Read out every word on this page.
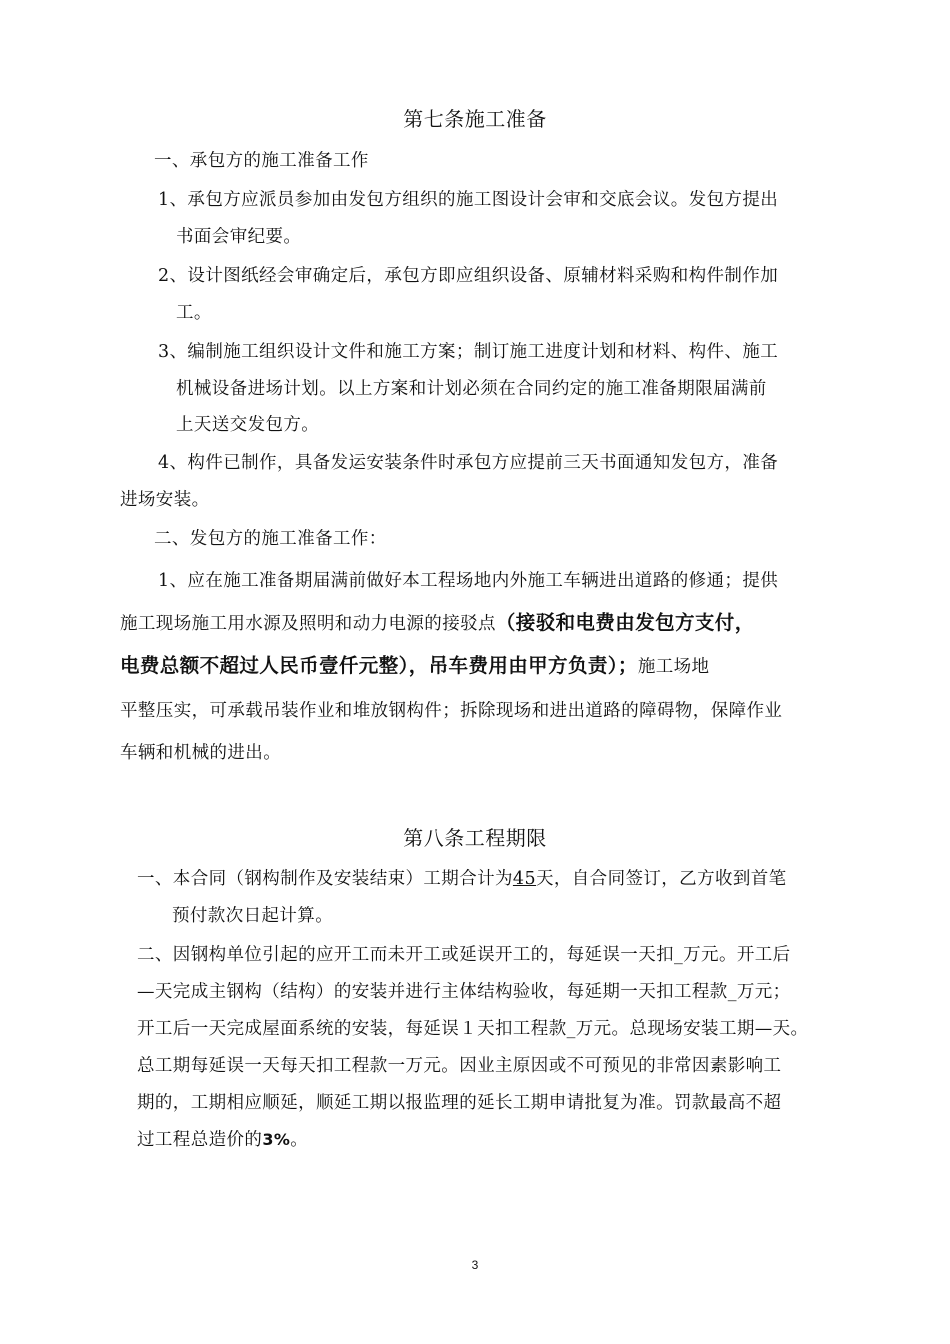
第七条施工准备
一、承包方的施工准备工作
1、承包方应派员参加由发包方组织的施工图设计会审和交底会议。发包方提出
书面会审纪要。
2、设计图纸经会审确定后，承包方即应组织设备、原辅材料采购和构件制作加
工。
3、编制施工组织设计文件和施工方案；制订施工进度计划和材料、构件、施工
机械设备进场计划。以上方案和计划必须在合同约定的施工准备期限届满前
上天送交发包方。
4、构件已制作，具备发运安装条件时承包方应提前三天书面通知发包方，准备
进场安装。
二、发包方的施工准备工作：
1、应在施工准备期届满前做好本工程场地内外施工车辆进出道路的修通；提供
施工现场施工用水源及照明和动力电源的接驳点（接驳和电费由发包方支付，
电费总额不超过人民币壹仟元整），吊车费用由甲方负责）；施工场地
平整压实，可承载吊装作业和堆放钢构件；拆除现场和进出道路的障碍物，保障作业
车辆和机械的进出。
第八条工程期限
一、本合同（钢构制作及安装结束）工期合计为45天，自合同签订，乙方收到首笔
预付款次日起计算。
二、因钢构单位引起的应开工而未开工或延误开工的，每延误一天扣_万元。开工后
—天完成主钢构（结构）的安装并进行主体结构验收，每延期一天扣工程款_万元；
开工后一天完成屋面系统的安装，每延误１天扣工程款_万元。总现场安装工期—天。
总工期每延误一天每天扣工程款一万元。因业主原因或不可预见的非常因素影响工
期的，工期相应顺延，顺延工期以报监理的延长工期申请批复为准。罚款最高不超
过工程总造价的3%。
3
